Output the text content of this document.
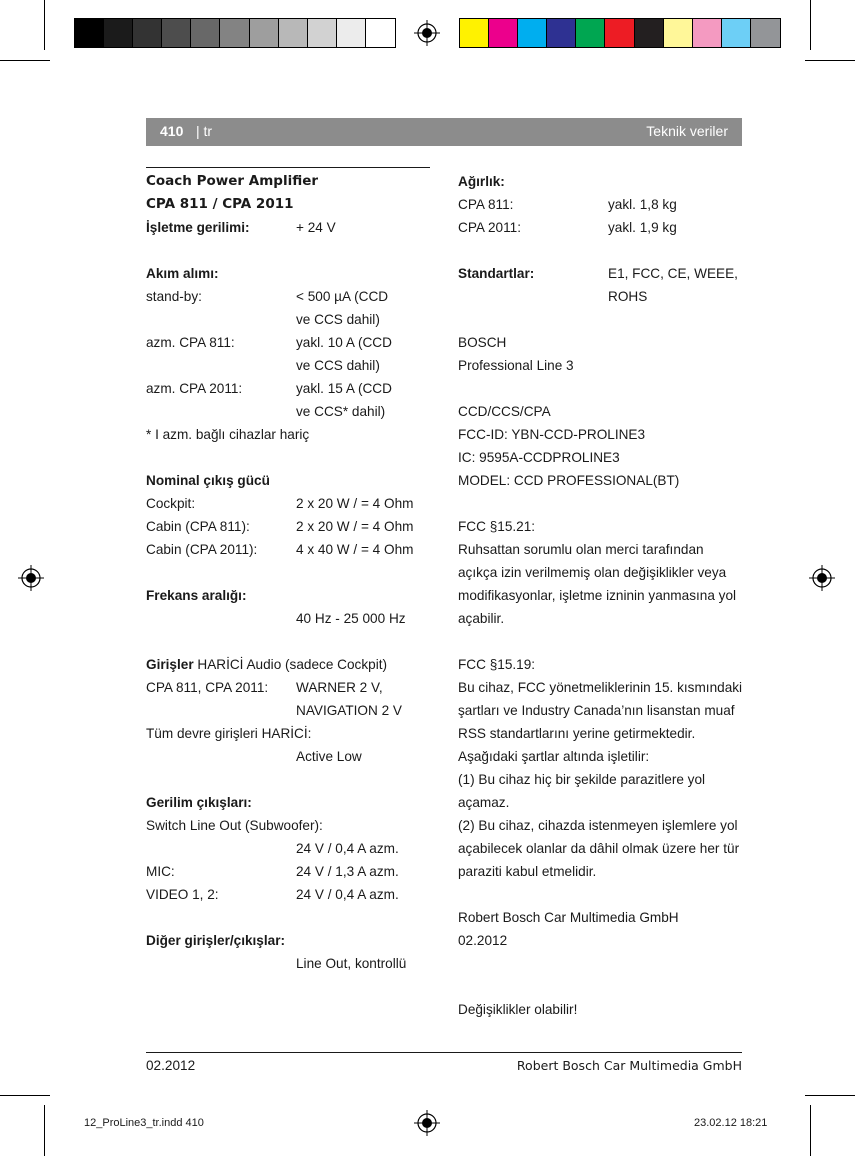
410 | tr	Teknik veriler
Coach Power Amplifier
CPA 811 / CPA 2011
İşletme gerilimi:	+ 24 V
Akım alımı:
stand-by:	< 500 µA (CCD
ve CCS dahil)
azm. CPA 811:	yakl. 10 A (CCD
ve CCS dahil)
azm. CPA 2011:	yakl. 15 A (CCD
ve CCS* dahil)
* I azm. bağlı cihazlar hariç
Nominal çıkış gücü
Cockpit:	2 x 20 W / = 4 Ohm
Cabin (CPA 811):	2 x 20 W / = 4 Ohm
Cabin (CPA 2011):	4 x 40 W / = 4 Ohm
Frekans aralığı:
40 Hz - 25 000 Hz
Girişler HARİCİ Audio (sadece Cockpit)
CPA 811, CPA 2011: WARNER 2 V,
NAVIGATION 2 V
Tüm devre girişleri HARİCİ:
Active Low
Gerilim çıkışları:
Switch Line Out (Subwoofer):
24 V / 0,4 A azm.
MIC:	24 V / 1,3 A azm.
VIDEO 1, 2:	24 V / 0,4 A azm.
Diğer girişler/çıkışlar:
Line Out, kontrollü
Ağırlık:
CPA 811:	yakl. 1,8 kg
CPA 2011:	yakl. 1,9 kg
Standartlar:	E1, FCC, CE, WEEE,
ROHS
BOSCH
Professional Line 3
CCD/CCS/CPA
FCC-ID: YBN-CCD-PROLINE3
IC: 9595A-CCDPROLINE3
MODEL: CCD PROFESSIONAL(BT)
FCC §15.21:
Ruhsattan sorumlu olan merci tarafından
açıkça izin verilmemiş olan değişiklikler veya
modifikasyonlar, işletme izninin yanmasına yol
açabilir.
FCC §15.19:
Bu cihaz, FCC yönetmeliklerinin 15. kısmındaki
şartları ve Industry Canada’nın lisanstan muaf
RSS standartlarını yerine getirmektedir.
Aşağıdaki şartlar altında işletilir:
(1) Bu cihaz hiç bir şekilde parazitlere yol
açamaz.
(2) Bu cihaz, cihazda istenmeyen işlemlere yol
açabilecek olanlar da dâhil olmak üzere her tür
paraziti kabul etmelidir.
Robert Bosch Car Multimedia GmbH
02.2012
Değişiklikler olabilir!
02.2012	Robert Bosch Car Multimedia GmbH
12_ProLine3_tr.indd 410	23.02.12 18:21
